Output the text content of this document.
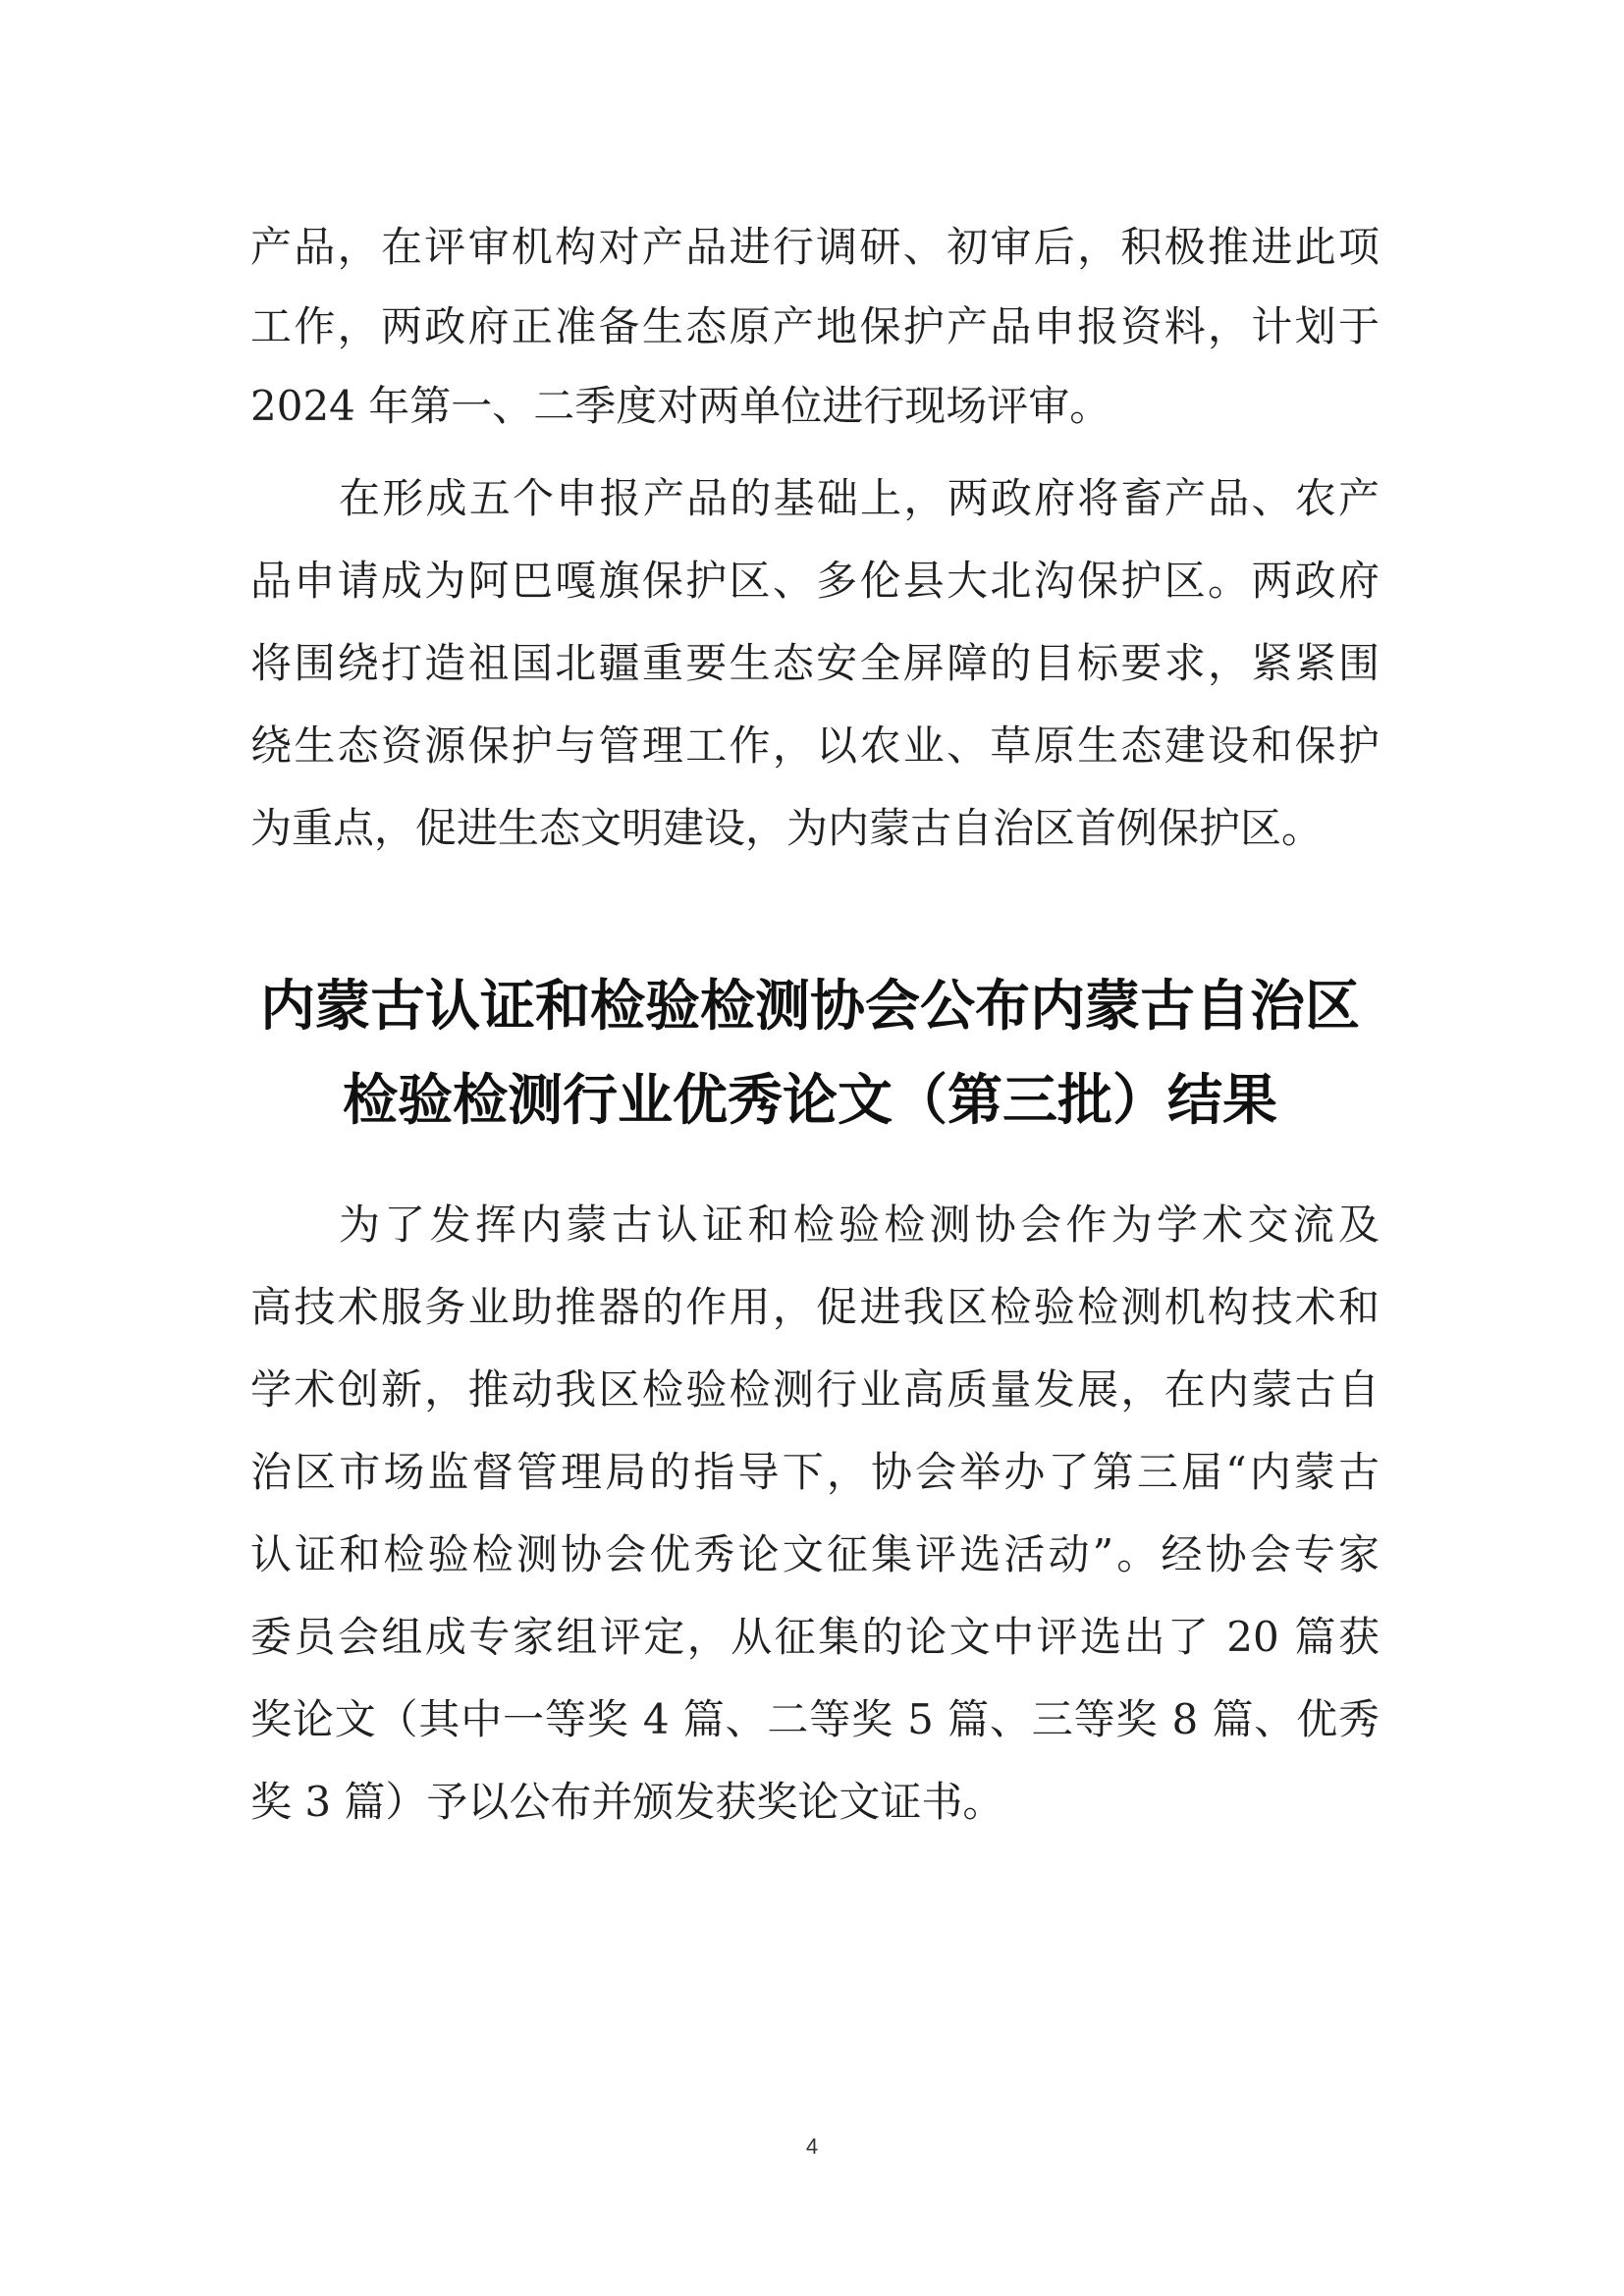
产品，在评审机构对产品进行调研、初审后，积极推进此项

工作，两政府正准备生态原产地保护产品申报资料，计划于

2024 年第一、二季度对两单位进行现场评审。

在形成五个申报产品的基础上，两政府将畜产品、农产

品申请成为阿巴嘎旗保护区、多伦县大北沟保护区。两政府

将围绕打造祖国北疆重要生态安全屏障的目标要求，紧紧围

绕生态资源保护与管理工作，以农业、草原生态建设和保护

为重点，促进生态文明建设，为内蒙古自治区首例保护区。

内蒙古认证和检验检测协会公布内蒙古自治区
检验检测行业优秀论文（第三批）结果

为了发挥内蒙古认证和检验检测协会作为学术交流及

高技术服务业助推器的作用，促进我区检验检测机构技术和

学术创新，推动我区检验检测行业高质量发展，在内蒙古自

治区市场监督管理局的指导下，协会举办了第三届“内蒙古

认证和检验检测协会优秀论文征集评选活动”。经协会专家

委员会组成专家组评定，从征集的论文中评选出了 20 篇获

奖论文（其中一等奖 4 篇、二等奖 5 篇、三等奖 8 篇、优秀

奖 3 篇）予以公布并颁发获奖论文证书。

4
